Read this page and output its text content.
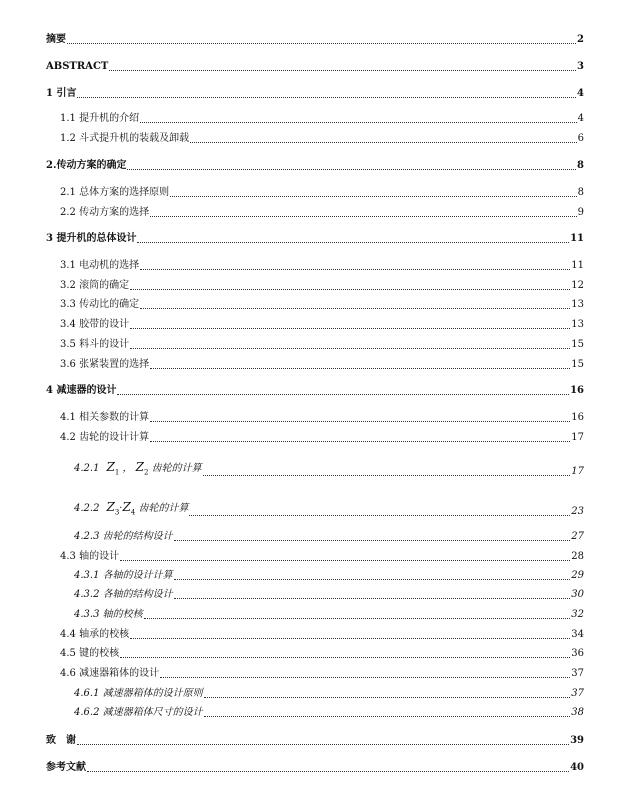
摘要	2
ABSTRACT	3
1 引言	4
1.1 提升机的介绍	4
1.2 斗式提升机的装载及卸载	6
2.传动方案的确定	8
2.1 总体方案的选择原则	8
2.2 传动方案的选择	9
3 提升机的总体设计	11
3.1 电动机的选择	11
3.2 滚筒的确定	12
3.3 传动比的确定	13
3.4 胶带的设计	13
3.5 料斗的设计	15
3.6 张紧装置的选择	15
4 减速器的设计	16
4.1 相关参数的计算	16
4.2 齿轮的设计计算	17
4.2.1 $Z_1$ ， $Z_2$ 齿轮的计算	17
4.2.2 $Z_3\cdot Z_4$ 齿轮的计算	23
4.2.3 齿轮的结构设计	27
4.3 轴的设计	28
4.3.1 各轴的设计计算	29
4.3.2 各轴的结构设计	30
4.3.3 轴的校核	32
4.4 轴承的校核	34
4.5 键的校核	36
4.6 减速器箱体的设计	37
4.6.1 减速器箱体的设计原则	37
4.6.2 减速器箱体尺寸的设计	38
致　谢	39
参考文献	40
